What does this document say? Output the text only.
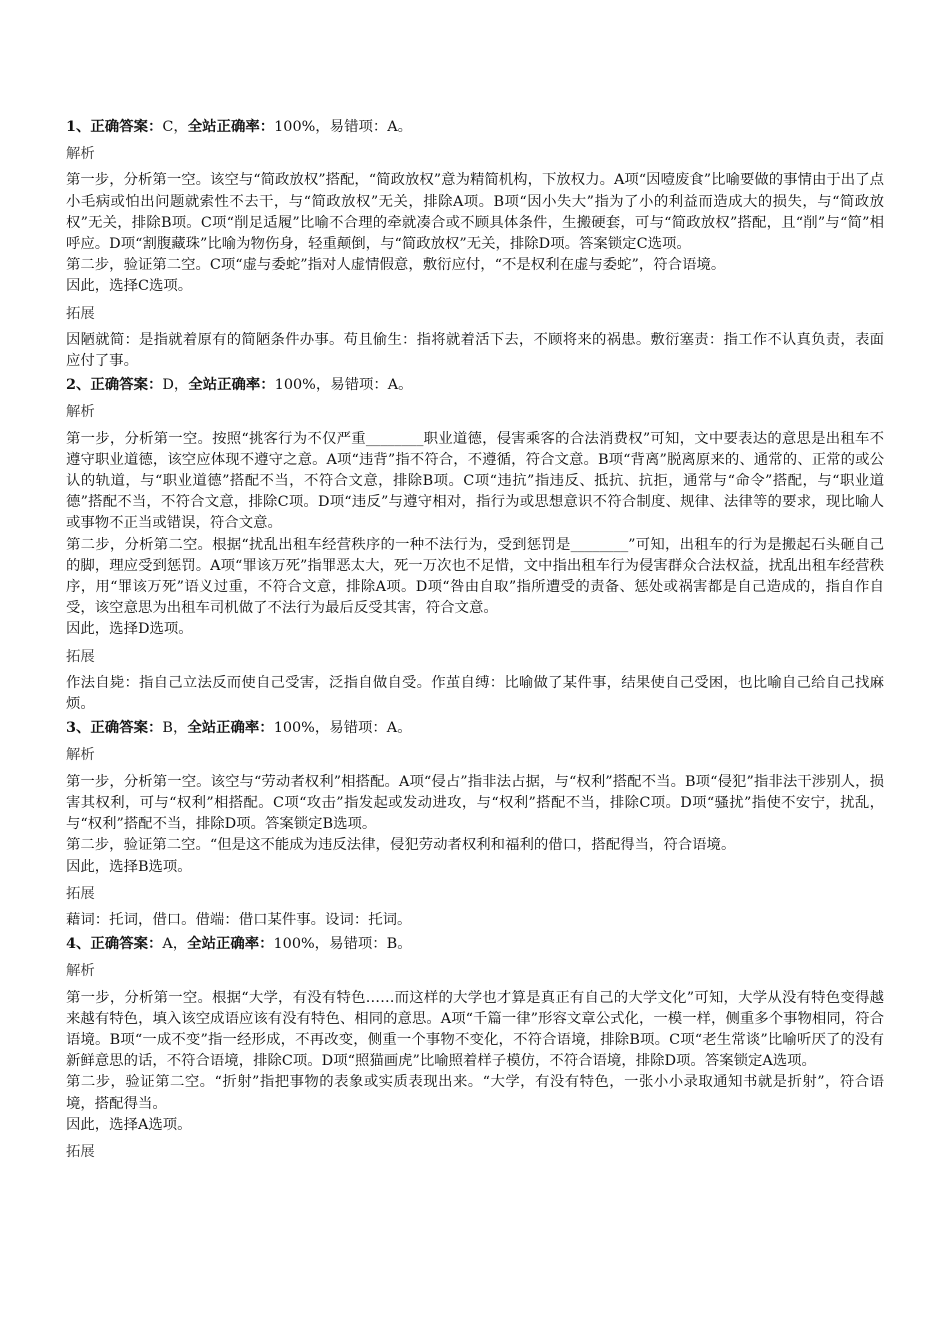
1、正确答案：C，全站正确率：100%，易错项：A。
解析

第一步，分析第一空。该空与“简政放权”搭配，“简政放权”意为精简机构，下放权力。A项“因噎废食”比喻要做的事情由于出了点小毛病或怕出问题就索性不去干，与“简政放权”无关，排除A项。B项“因小失大”指为了小的利益而造成大的损失，与“简政放权”无关，排除B项。C项“削足适履”比喻不合理的牵就凑合或不顾具体条件，生搬硬套，可与“简政放权”搭配，且“削”与“简”相呼应。D项“割腹藏珠”比喻为物伤身，轻重颠倒，与“简政放权”无关，排除D项。答案锁定C选项。

第二步，验证第二空。C项“虚与委蛇”指对人虚情假意，敷衍应付，“不是权利在虚与委蛇”，符合语境。

因此，选择C选项。

拓展

因陋就简：是指就着原有的简陋条件办事。苟且偷生：指将就着活下去，不顾将来的祸患。敷衍塞责：指工作不认真负责，表面应付了事。

2、正确答案：D，全站正确率：100%，易错项：A。
解析

第一步，分析第一空。按照“挑客行为不仅严重________职业道德，侵害乘客的合法消费权”可知，文中要表达的意思是出租车不遵守职业道德，该空应体现不遵守之意。A项“违背”指不符合，不遵循，符合文意。B项“背离”脱离原来的、通常的、正常的或公认的轨道，与“职业道德”搭配不当，不符合文意，排除B项。C项“违抗”指违反、抵抗、抗拒，通常与“命令”搭配，与“职业道德”搭配不当，不符合文意，排除C项。D项“违反”与遵守相对，指行为或思想意识不符合制度、规律、法律等的要求，现比喻人或事物不正当或错误，符合文意。

第二步，分析第二空。根据“扰乱出租车经营秩序的一种不法行为，受到惩罚是________”可知，出租车的行为是搬起石头砸自己的脚，理应受到惩罚。A项“罪该万死”指罪恶太大，死一万次也不足惜，文中指出租车行为侵害群众合法权益，扰乱出租车经营秩序，用“罪该万死”语义过重，不符合文意，排除A项。D项“咎由自取”指所遭受的责备、惩处或祸害都是自己造成的，指自作自受，该空意思为出租车司机做了不法行为最后反受其害，符合文意。

因此，选择D选项。

拓展

作法自毙：指自己立法反而使自己受害，泛指自做自受。作茧自缚：比喻做了某件事，结果使自己受困，也比喻自己给自己找麻烦。

3、正确答案：B，全站正确率：100%，易错项：A。
解析

第一步，分析第一空。该空与“劳动者权利”相搭配。A项“侵占”指非法占据，与“权利”搭配不当。B项“侵犯”指非法干涉别人，损害其权利，可与“权利”相搭配。C项“攻击”指发起或发动进攻，与“权利”搭配不当，排除C项。D项“骚扰”指使不安宁，扰乱，与“权利”搭配不当，排除D项。答案锁定B选项。

第二步，验证第二空。“但是这不能成为违反法律，侵犯劳动者权利和福利的借口，搭配得当，符合语境。

因此，选择B选项。

拓展

藉词：托词，借口。借端：借口某件事。设词：托词。

4、正确答案：A，全站正确率：100%，易错项：B。
解析

第一步，分析第一空。根据“大学，有没有特色……而这样的大学也才算是真正有自己的大学文化”可知，大学从没有特色变得越来越有特色，填入该空成语应该有没有特色、相同的意思。A项“千篇一律”形容文章公式化，一模一样，侧重多个事物相同，符合语境。B项“一成不变”指一经形成，不再改变，侧重一个事物不变化，不符合语境，排除B项。C项“老生常谈”比喻听厌了的没有新鲜意思的话，不符合语境，排除C项。D项“照猫画虎”比喻照着样子模仿，不符合语境，排除D项。答案锁定A选项。

第二步，验证第二空。“折射”指把事物的表象或实质表现出来。“大学，有没有特色，一张小小录取通知书就是折射”，符合语境，搭配得当。

因此，选择A选项。

拓展
